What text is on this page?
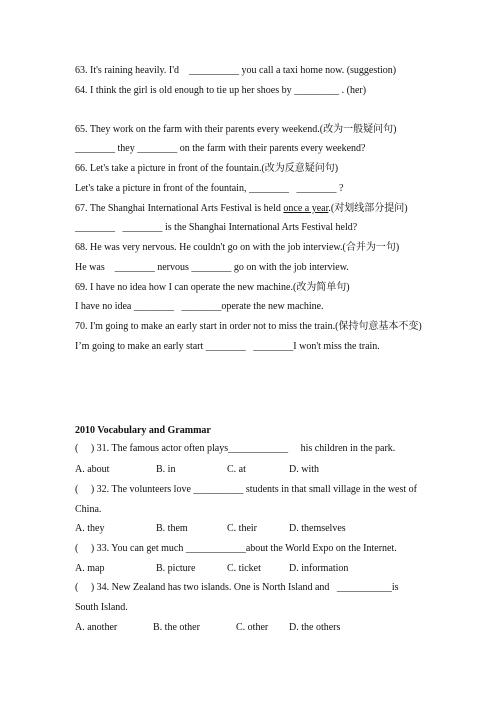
63. It's raining heavily. I'd    __________ you call a taxi home now. (suggestion)
64. I think the girl is old enough to tie up her shoes by _________ . (her)
65. They work on the farm with their parents every weekend.(改为一般疑问句)
________ they ________ on the farm with their parents every weekend?
66. Let's take a picture in front of the fountain.(改为反意疑问句)
Let's take a picture in front of the fountain, ________   ________ ?
67. The Shanghai International Arts Festival is held once a year.(对划线部分提问)
________   ________ is the Shanghai International Arts Festival held?
68. He was very nervous. He couldn't go on with the job interview.(合并为一句)
He was    ________ nervous ________ go on with the job interview.
69. I have no idea how I can operate the new machine.(改为简单句)
I have no idea ________   ________operate the new machine.
70. I'm going to make an early start in order not to miss the train.(保持句意基本不变)
I’m going to make an early start ________   ________I won't miss the train.
2010 Vocabulary and Grammar
(     ) 31. The famous actor often plays____________     his children in the park.

A. about

	B. in

	C. at

	D. with

(     ) 32. The volunteers love __________ students in that small village in the west of
China.

A. they

	B. them

	C. their

	D. themselves

(     ) 33. You can get much ____________about the World Expo on the Internet.

A. map

	B. picture

	C. ticket

	D. information

(     ) 34. New Zealand has two islands. One is North Island and   ___________is
South Island.

A. another

	B. the other

	C. other

D. the others
